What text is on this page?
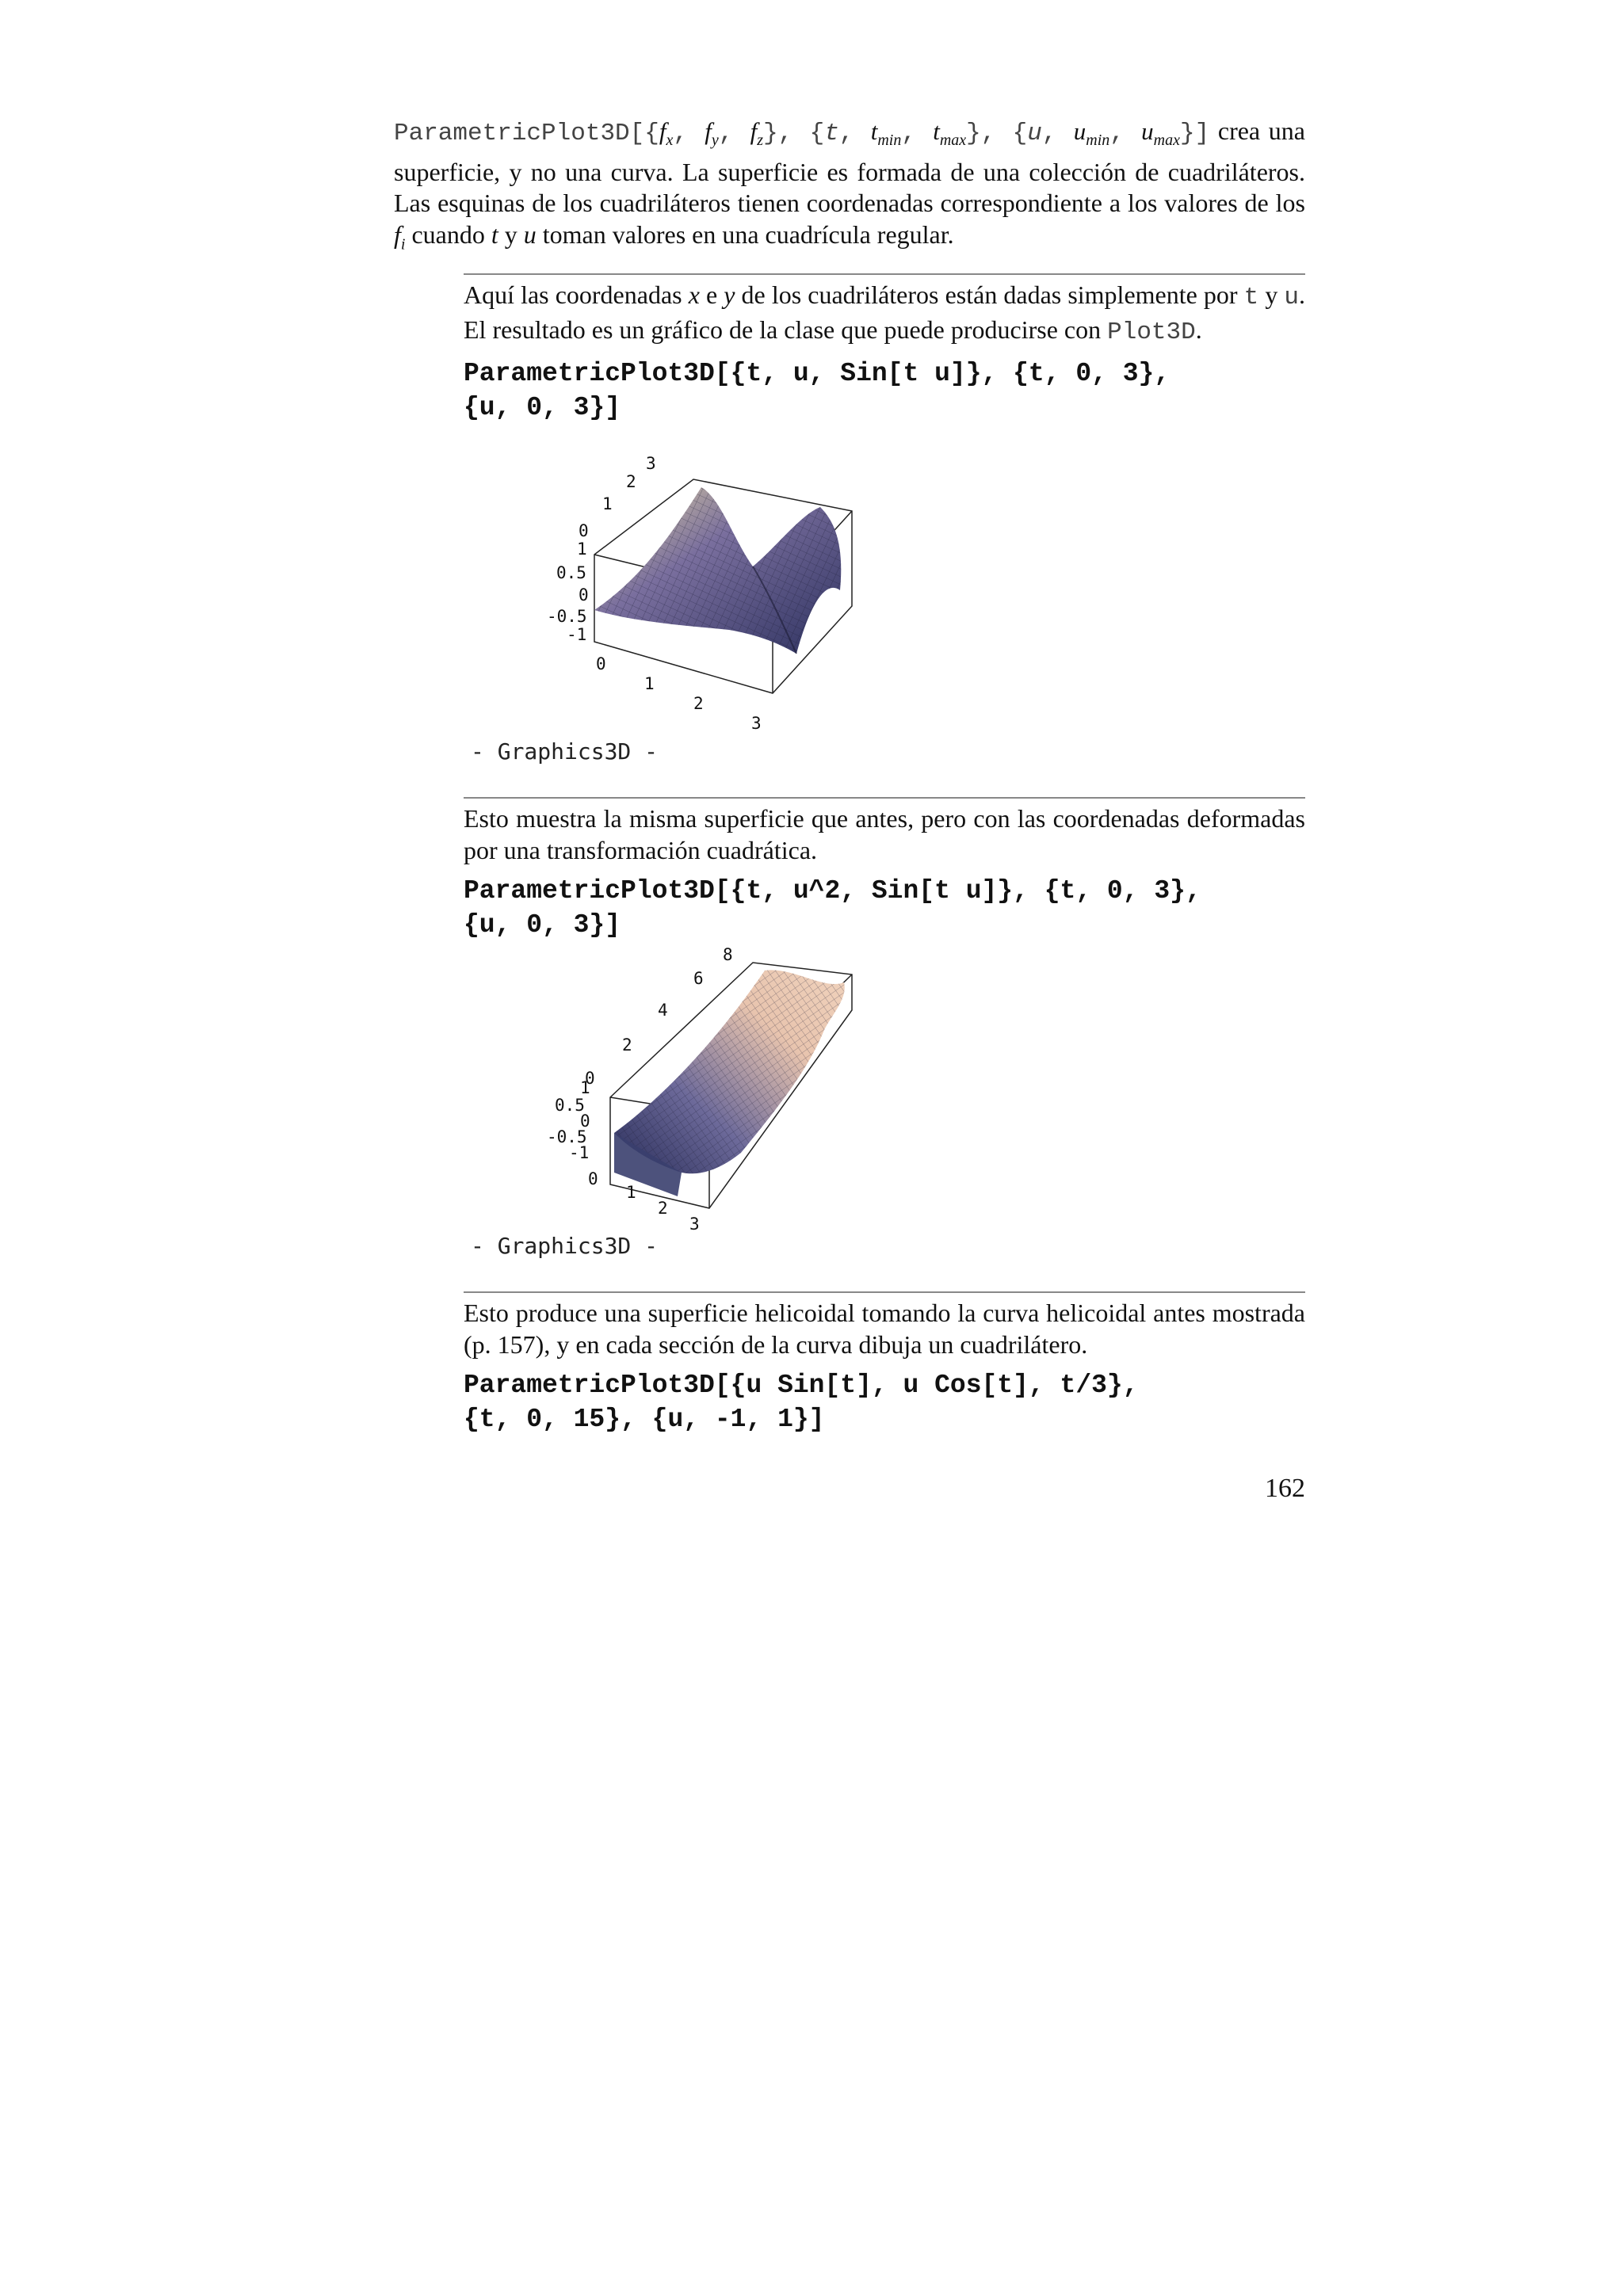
$ParametricPlot3D[\{f_x$, $f_y$, $f_z$}, {t, $t_{min}$, $t_{max}$}, {u, $u_{min}$, $u_{max}$}] crea una superficie, y no una curva. La superficie es formada de una colección de cuadriláteros. Las esquinas de los cuadriláteros tienen coordenadas correspondiente a los valores de los $f_i$ cuando t y u toman valores en una cuadrícula regular.

Aquí las coordenadas x e y de los cuadriláteros están dadas simplemente por t y u. El resultado es un gráfico de la clase que puede producirse con Plot3D.

ParametricPlot3D[{t, u, Sin[t u]}, {t, 0, 3},
{u, 0, 3}]

3
2
1
0
1
0.5
0
-0.5
-1
0
1
2
3
- Graphics3D -

Esto muestra la misma superficie que antes, pero con las coordenadas deformadas por una transformación cuadrática.

ParametricPlot3D[{t, u^2, Sin[t u]}, {t, 0, 3},
{u, 0, 3}]

8
6
4
2
0
1
0.5
0
-0.5
-1
0
1
2
3
- Graphics3D -

Esto produce una superficie helicoidal tomando la curva helicoidal antes mostrada (p. 157), y en cada sección de la curva dibuja un cuadrilátero.

ParametricPlot3D[{u Sin[t], u Cos[t], t/3},
{t, 0, 15}, {u, -1, 1}]

162
